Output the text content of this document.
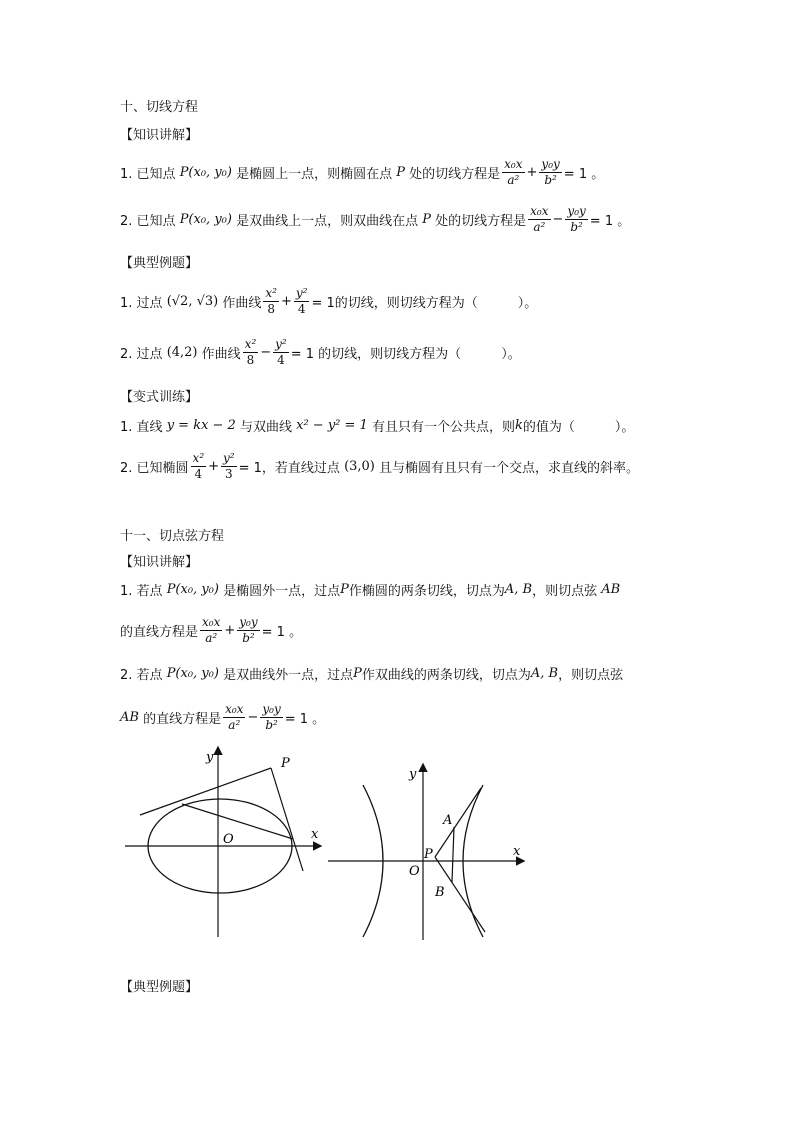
十、切线方程
【知识讲解】
1. 已知点
P(x₀, y₀)
是椭圆上一点，则椭圆在点
P
处的切线方程是 $\frac{\text{x₀x}}{\text{a²}} + \frac{\text{y₀y}}{\text{b²}} = 1$ 。
2. 已知点
P(x₀, y₀)
是双曲线上一点，则双曲线在点
P
处的切线方程是 $\frac{\text{x₀x}}{\text{a²}} - \frac{\text{y₀y}}{\text{b²}} = 1$ 。
【典型例题】
1. 过点
(√2, √3)
作曲线 $\frac{\text{x²}}{8} + \frac{\text{y²}}{4} = 1$的切线，则切线方程为（	）。
2. 过点
(4,2)
作曲线 $\frac{\text{x²}}{8} - \frac{\text{y²}}{4} = 1$ 的切线，则切线方程为（	）。
【变式训练】
1. 直线
y = kx − 2
与双曲线
x² − y² = 1
有且只有一个公共点，则 k 的值为（	）。
2. 已知椭圆 $\frac{\text{x²}}{4} + \frac{\text{y²}}{3} = 1$，若直线过点
(3,0)
且与椭圆有且只有一个交点，求直线的斜率。
十一、切点弦方程
【知识讲解】
1. 若点
P(x₀, y₀)
是椭圆外一点，过点 P 作椭圆的两条切线，切点为 A, B ，则切点弦
AB
的直线方程是 $\frac{\text{x₀x}}{\text{a²}} + \frac{\text{y₀y}}{\text{b²}} = 1$ 。
2. 若点
P(x₀, y₀)
是双曲线外一点，过点 P 作双曲线的两条切线，切点为 A, B ，则切点弦
AB
的直线方程是 $\frac{\text{x₀x}}{\text{a²}} - \frac{\text{y₀y}}{\text{b²}} = 1$ 。
y
x
O
P
y
x
O
P
A
B
【典型例题】
